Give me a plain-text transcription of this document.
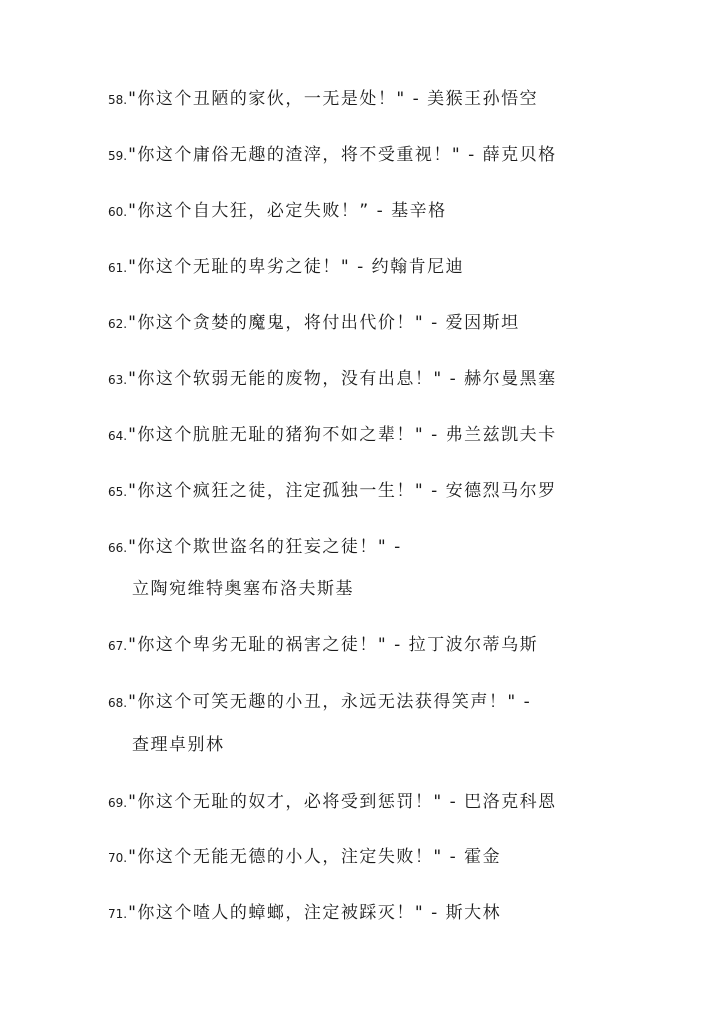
58."你这个丑陋的家伙，一无是处！" - 美猴王孙悟空
59."你这个庸俗无趣的渣滓，将不受重视！" - 薛克贝格
60."你这个自大狂，必定失败！” - 基辛格
61."你这个无耻的卑劣之徒！" - 约翰肯尼迪
62."你这个贪婪的魔鬼，将付出代价！" - 爱因斯坦
63."你这个软弱无能的废物，没有出息！" - 赫尔曼黑塞
64."你这个肮脏无耻的猪狗不如之辈！" - 弗兰兹凯夫卡
65."你这个疯狂之徒，注定孤独一生！" - 安德烈马尔罗
66."你这个欺世盗名的狂妄之徒！" -
立陶宛维特奥塞布洛夫斯基
67."你这个卑劣无耻的祸害之徒！" - 拉丁波尔蒂乌斯
68."你这个可笑无趣的小丑，永远无法获得笑声！" -
查理卓别林
69."你这个无耻的奴才，必将受到惩罚！" - 巴洛克科恩
70."你这个无能无德的小人，注定失败！" - 霍金
71."你这个喳人的蟑螂，注定被踩灭！" - 斯大林
